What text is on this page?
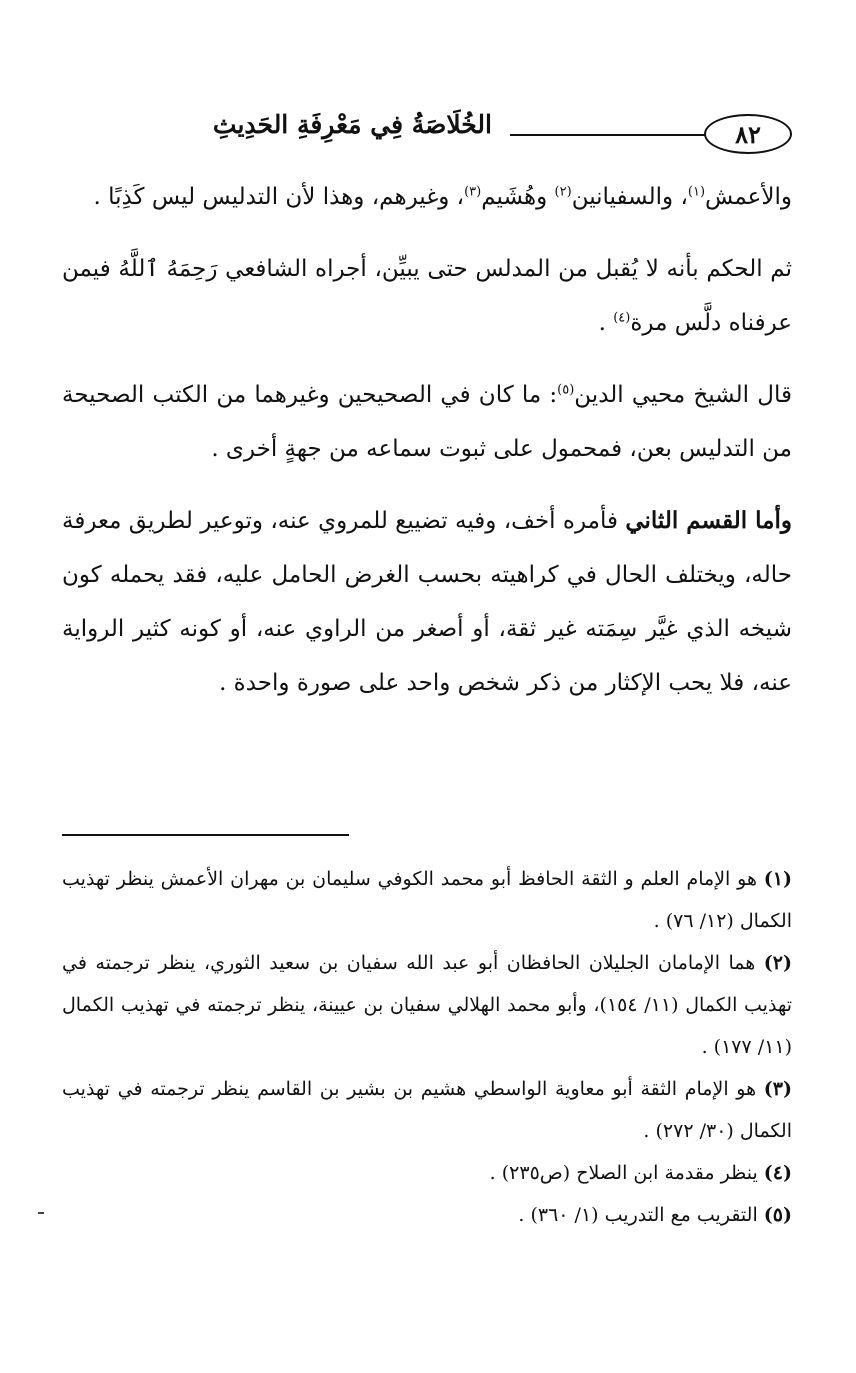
٨٢
الخُلَاصَةُ فِي مَعْرِفَةِ الحَدِيثِ

والأعمش$^{(١)}$، والسفيانين$^{(٢)}$ وهُشَيم$^{(٣)}$، وغيرهم، وهذا لأن التدليس ليس كَذِبًا .

ثم الحكم بأنه لا يُقبل من المدلس حتى يبيِّن، أجراه الشافعي رَحِمَهُ ٱللَّهُ فيمن عرفناه دلَّس مرة$^{(٤)}$ .

قال الشيخ محيي الدين$^{(٥)}$: ما كان في الصحيحين وغيرهما من الكتب الصحيحة من التدليس بعن، فمحمول على ثبوت سماعه من جهةٍ أخرى .

وأما القسم الثاني فأمره أخف، وفيه تضييع للمروي عنه، وتوعير لطريق معرفة حاله، ويختلف الحال في كراهيته بحسب الغرض الحامل عليه، فقد يحمله كون شيخه الذي غيَّر سِمَته غير ثقة، أو أصغر من الراوي عنه، أو كونه كثير الرواية عنه، فلا يحب الإكثار من ذكر شخص واحد على صورة واحدة .

(١) هو الإمام العلم و الثقة الحافظ أبو محمد الكوفي سليمان بن مهران الأعمش ينظر تهذيب الكمال (١٢/ ٧٦) .

(٢) هما الإمامان الجليلان الحافظان أبو عبد الله سفيان بن سعيد الثوري، ينظر ترجمته في تهذيب الكمال (١١/ ١٥٤)، وأبو محمد الهلالي سفيان بن عيينة، ينظر ترجمته في تهذيب الكمال (١١/ ١٧٧) .

(٣) هو الإمام الثقة أبو معاوية الواسطي هشيم بن بشير بن القاسم ينظر ترجمته في تهذيب الكمال (٣٠/ ٢٧٢) .

(٤) ينظر مقدمة ابن الصلاح (ص٢٣٥) .

(٥) التقريب مع التدريب (١/ ٣٦٠) .
